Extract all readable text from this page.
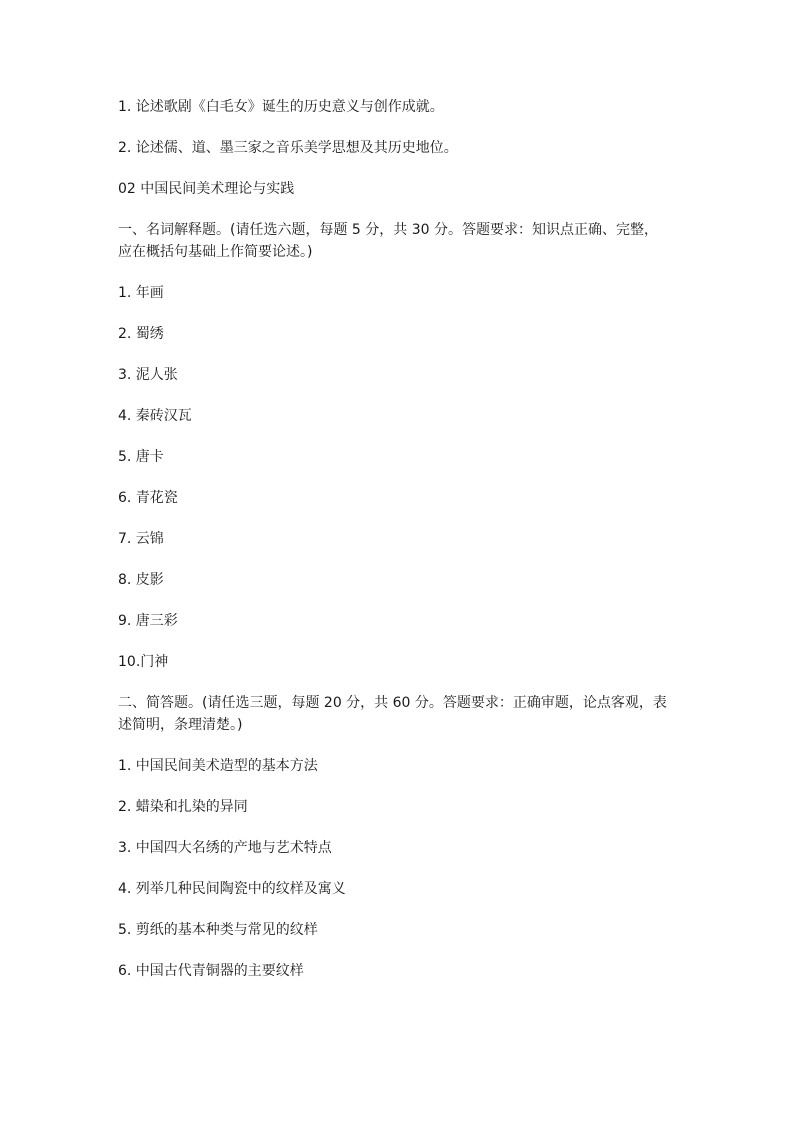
1. 论述歌剧《白毛女》诞生的历史意义与创作成就。

2. 论述儒、道、墨三家之音乐美学思想及其历史地位。

02 中国民间美术理论与实践

一、名词解释题。(请任选六题，每题 5 分，共 30 分。答题要求：知识点正确、完整，

应在概括句基础上作简要论述。)

1. 年画

2. 蜀绣

3. 泥人张

4. 秦砖汉瓦

5. 唐卡

6. 青花瓷

7. 云锦

8. 皮影

9. 唐三彩

10.门神

二、简答题。(请任选三题，每题 20 分，共 60 分。答题要求：正确审题，论点客观，表

述简明，条理清楚。)

1. 中国民间美术造型的基本方法

2. 蜡染和扎染的异同

3. 中国四大名绣的产地与艺术特点

4. 列举几种民间陶瓷中的纹样及寓义

5. 剪纸的基本种类与常见的纹样

6. 中国古代青铜器的主要纹样
